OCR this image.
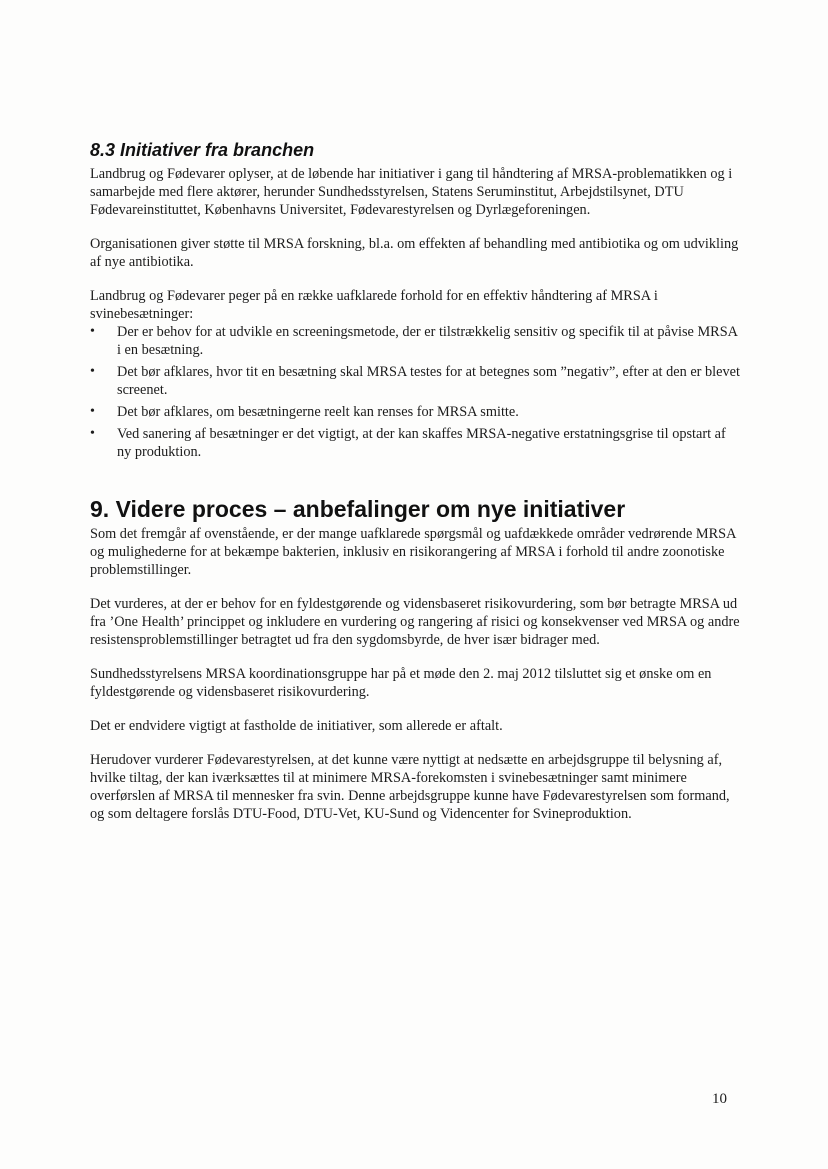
8.3 Initiativer fra branchen

Landbrug og Fødevarer oplyser, at de løbende har initiativer i gang til håndtering af MRSA-problematikken og i samarbejde med flere aktører, herunder Sundhedsstyrelsen, Statens Seruminstitut, Arbejdstilsynet, DTU Fødevareinstituttet, Københavns Universitet, Fødevarestyrelsen og Dyrlægeforeningen.

Organisationen giver støtte til MRSA forskning, bl.a. om effekten af behandling med antibiotika og om udvikling af nye antibiotika.

Landbrug og Fødevarer peger på en række uafklarede forhold for en effektiv håndtering af MRSA i svinebesætninger:

•	Der er behov for at udvikle en screeningsmetode, der er tilstrækkelig sensitiv og specifik til at påvise MRSA i en besætning.
•	Det bør afklares, hvor tit en besætning skal MRSA testes for at betegnes som ”negativ”, efter at den er blevet screenet.
•	Det bør afklares, om besætningerne reelt kan renses for MRSA smitte.
•	Ved sanering af besætninger er det vigtigt, at der kan skaffes MRSA-negative erstatningsgrise til opstart af ny produktion.
9. Videre proces – anbefalinger om nye initiativer

Som det fremgår af ovenstående, er der mange uafklarede spørgsmål og uafdækkede områder vedrørende MRSA og mulighederne for at bekæmpe bakterien, inklusiv en risikorangering af MRSA i forhold til andre zoonotiske problemstillinger.

Det vurderes, at der er behov for en fyldestgørende og vidensbaseret risikovurdering, som bør betragte MRSA ud fra ’One Health’ princippet og inkludere en vurdering og rangering af risici og konsekvenser ved MRSA og andre resistensproblemstillinger betragtet ud fra den sygdomsbyrde, de hver især bidrager med.

Sundhedsstyrelsens MRSA koordinationsgruppe har på et møde den 2. maj 2012 tilsluttet sig et ønske om en fyldestgørende og vidensbaseret risikovurdering.

Det er endvidere vigtigt at fastholde de initiativer, som allerede er aftalt.

Herudover vurderer Fødevarestyrelsen, at det kunne være nyttigt at nedsætte en arbejdsgruppe til belysning af, hvilke tiltag, der kan iværksættes til at minimere MRSA-forekomsten i svinebesætninger samt minimere overførslen af MRSA til mennesker fra svin. Denne arbejdsgruppe kunne have Fødevarestyrelsen som formand, og som deltagere forslås DTU-Food, DTU-Vet, KU-Sund og Videncenter for Svineproduktion.

10
